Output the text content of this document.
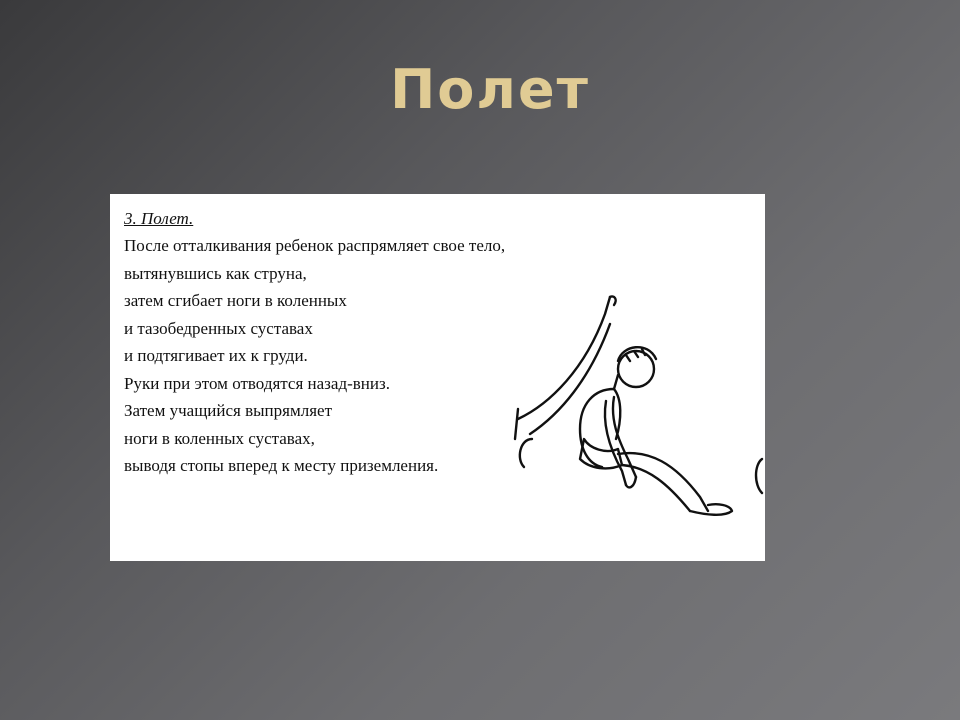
Полет

3. Полет.

После отталкивания ребенок распрямляет свое тело,

вытянувшись как струна,

затем сгибает ноги в коленных

и тазобедренных суставах

и подтягивает их к груди.

Руки при этом отводятся назад-вниз.

Затем учащийся выпрямляет

ноги в коленных суставах,

выводя стопы вперед к месту приземления.
